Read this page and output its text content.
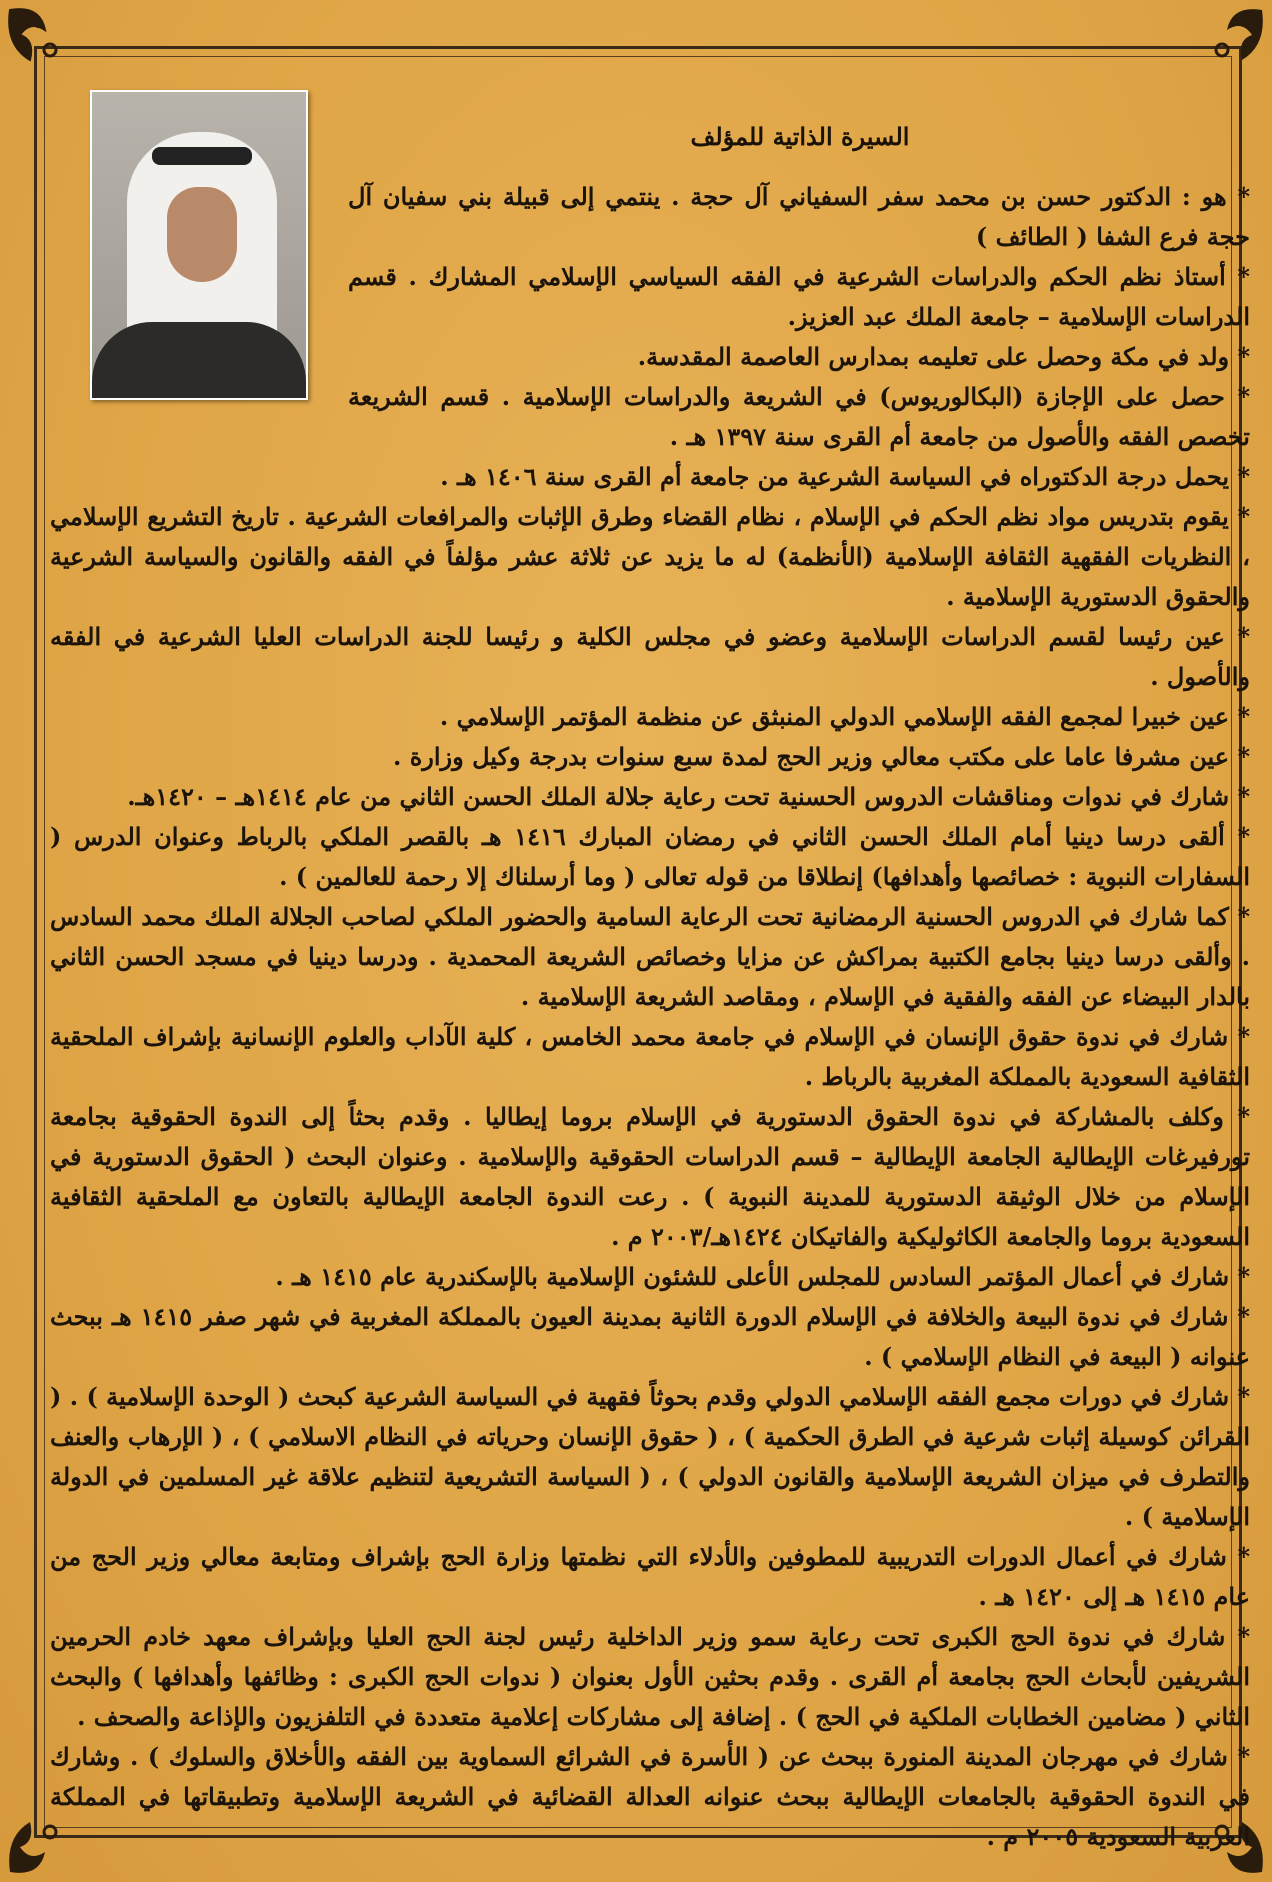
السيرة الذاتية للمؤلف

* هو : الدكتور حسن بن محمد سفر السفياني آل حجة . ينتمي إلى قبيلة بني سفيان آل حجة فرع الشفا ( الطائف )

* أستاذ نظم الحكم والدراسات الشرعية في الفقه السياسي الإسلامي المشارك . قسم الدراسات الإسلامية – جامعة الملك عبد العزيز.

* ولد في مكة وحصل على تعليمه بمدارس العاصمة المقدسة.

* حصل على الإجازة (البكالوريوس) في الشريعة والدراسات الإسلامية . قسم الشريعة تخصص الفقه والأصول من جامعة أم القرى سنة ١٣٩٧ هـ .

* يحمل درجة الدكتوراه في السياسة الشرعية من جامعة أم القرى سنة ١٤٠٦ هـ .

* يقوم بتدريس مواد نظم الحكم في الإسلام ، نظام القضاء وطرق الإثبات والمرافعات الشرعية . تاريخ التشريع الإسلامي ، النظريات الفقهية الثقافة الإسلامية (الأنظمة) له ما يزيد عن ثلاثة عشر مؤلفاً في الفقه والقانون والسياسة الشرعية والحقوق الدستورية الإسلامية .

* عين رئيسا لقسم الدراسات الإسلامية وعضو في مجلس الكلية و رئيسا للجنة الدراسات العليا الشرعية في الفقه والأصول .

* عين خبيرا لمجمع الفقه الإسلامي الدولي المنبثق عن منظمة المؤتمر الإسلامي .

* عين مشرفا عاما على مكتب معالي وزير الحج لمدة سبع سنوات بدرجة وكيل وزارة .

* شارك في ندوات ومناقشات الدروس الحسنية تحت رعاية جلالة الملك الحسن الثاني من عام ١٤١٤هـ – ١٤٢٠هـ.

* ألقى درسا دينيا أمام الملك الحسن الثاني في رمضان المبارك ١٤١٦ هـ بالقصر الملكي بالرباط وعنوان الدرس ( السفارات النبوية : خصائصها وأهدافها) إنطلاقا من قوله تعالى ( وما أرسلناك إلا رحمة للعالمين ) .

* كما شارك في الدروس الحسنية الرمضانية تحت الرعاية السامية والحضور الملكي لصاحب الجلالة الملك محمد السادس . وألقى درسا دينيا بجامع الكتبية بمراكش عن مزايا وخصائص الشريعة المحمدية . ودرسا دينيا في مسجد الحسن الثاني بالدار البيضاء عن الفقه والفقية في الإسلام ، ومقاصد الشريعة الإسلامية .

* شارك في ندوة حقوق الإنسان في الإسلام في جامعة محمد الخامس ، كلية الآداب والعلوم الإنسانية بإشراف الملحقية الثقافية السعودية بالمملكة المغربية بالرباط .

* وكلف بالمشاركة في ندوة الحقوق الدستورية في الإسلام بروما إيطاليا . وقدم بحثاً إلى الندوة الحقوقية بجامعة تورفيرغات الإيطالية الجامعة الإيطالية – قسم الدراسات الحقوقية والإسلامية . وعنوان البحث ( الحقوق الدستورية في الإسلام من خلال الوثيقة الدستورية للمدينة النبوية ) . رعت الندوة الجامعة الإيطالية بالتعاون مع الملحقية الثقافية السعودية بروما والجامعة الكاثوليكية والفاتيكان ١٤٢٤هـ/٢٠٠٣ م .

* شارك في أعمال المؤتمر السادس للمجلس الأعلى للشئون الإسلامية بالإسكندرية عام ١٤١٥ هـ .

* شارك في ندوة البيعة والخلافة في الإسلام الدورة الثانية بمدينة العيون بالمملكة المغربية في شهر صفر ١٤١٥ هـ ببحث عنوانه ( البيعة في النظام الإسلامي ) .

* شارك في دورات مجمع الفقه الإسلامي الدولي وقدم بحوثاً فقهية في السياسة الشرعية كبحث ( الوحدة الإسلامية ) . ( القرائن كوسيلة إثبات شرعية في الطرق الحكمية ) ، ( حقوق الإنسان وحرياته في النظام الاسلامي ) ، ( الإرهاب والعنف والتطرف في ميزان الشريعة الإسلامية والقانون الدولي ) ، ( السياسة التشريعية لتنظيم علاقة غير المسلمين في الدولة الإسلامية ) .

* شارك في أعمال الدورات التدريبية للمطوفين والأدلاء التي نظمتها وزارة الحج بإشراف ومتابعة معالي وزير الحج من عام ١٤١٥ هـ إلى ١٤٢٠ هـ .

* شارك في ندوة الحج الكبرى تحت رعاية سمو وزير الداخلية رئيس لجنة الحج العليا وبإشراف معهد خادم الحرمين الشريفين لأبحاث الحج بجامعة أم القرى . وقدم بحثين الأول بعنوان ( ندوات الحج الكبرى : وظائفها وأهدافها ) والبحث الثاني ( مضامين الخطابات الملكية في الحج ) . إضافة إلى مشاركات إعلامية متعددة في التلفزيون والإذاعة والصحف .

* شارك في مهرجان المدينة المنورة ببحث عن ( الأسرة في الشرائع السماوية بين الفقه والأخلاق والسلوك ) . وشارك في الندوة الحقوقية بالجامعات الإيطالية ببحث عنوانه العدالة القضائية في الشريعة الإسلامية وتطبيقاتها في المملكة العربية السعودية ٢٠٠٥ م .
